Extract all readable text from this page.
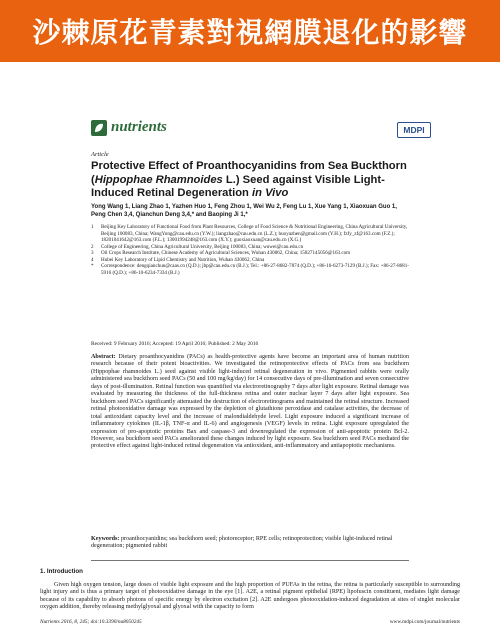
沙棘原花青素對視網膜退化的影響
nutrients	MDPI
Article
Protective Effect of Proanthocyanidins from Sea Buckthorn (Hippophae Rhamnoides L.) Seed against Visible Light-Induced Retinal Degeneration in Vivo
Yong Wang 1, Liang Zhao 1, Yazhen Huo 1, Feng Zhou 1, Wei Wu 2, Feng Lu 1, Xue Yang 1, Xiaoxuan Guo 1, Peng Chen 3,4, Qianchun Deng 3,4,* and Baoping Ji 1,*
1	Beijing Key Laboratory of Functional Food from Plant Resources, College of Food Science & Nutritional Engineering, China Agricultural University, Beijing 100083, China; WangYong@cau.edu.cn (Y.W.); liangzhao@cau.edu.cn (L.Z.); huoyazhen@gmail.com (Y.H.); fzfy_zf@163.com (F.Z.); 18201041642@163.com (F.L.); 13001994248@163.com (X.Y.); guoxiaoxuan@cau.edu.cn (X.G.)
2	College of Engineering, China Agricultural University, Beijing 100083, China; wuwei@cau.edu.cn
3	Oil Crops Research Institute, Chinese Academy of Agricultural Sciences, Wuhan 430062, China; 15827145056@163.com
4	Hubei Key Laboratory of Lipid Chemistry and Nutrition, Wuhan 430062, China
*	Correspondence: dengqianchun@caas.cn (Q.D.); jbp@cau.edu.cn (B.J.); Tel.: +86-27-8682-7874 (Q.D.); +86-10-6273-7129 (B.J.); Fax: +86-27-8681-5916 (Q.D.); +86-10-6234-7334 (B.J.)
Received: 9 February 2016; Accepted: 19 April 2016; Published: 2 May 2016
Abstract: Dietary proanthocyanidins (PACs) as health-protective agents have become an important area of human nutrition research because of their potent bioactivities. We investigated the retinoprotective effects of PACs from sea buckthorn (Hippophae rhamnoides L.) seed against visible light-induced retinal degeneration in vivo. Pigmented rabbits were orally administered sea buckthorn seed PACs (50 and 100 mg/kg/day) for 14 consecutive days of pre-illumination and seven consecutive days of post-illumination. Retinal function was quantified via electroretinography 7 days after light exposure. Retinal damage was evaluated by measuring the thickness of the full-thickness retina and outer nuclear layer 7 days after light exposure. Sea buckthorn seed PACs significantly attenuated the destruction of electroretinograms and maintained the retinal structure. Increased retinal photooxidative damage was expressed by the depletion of glutathione peroxidase and catalase activities, the decrease of total antioxidant capacity level and the increase of malondialdehyde level. Light exposure induced a significant increase of inflammatory cytokines (IL-1β, TNF-α and IL-6) and angiogenesis (VEGF) levels in retina. Light exposure upregulated the expression of pro-apoptotic proteins Bax and caspase-3 and downregulated the expression of anti-apoptotic protein Bcl-2. However, sea buckthorn seed PACs ameliorated these changes induced by light exposure. Sea buckthorn seed PACs mediated the protective effect against light-induced retinal degeneration via antioxidant, anti-inflammatory and antiapoptotic mechanisms.
Keywords: proanthocyanidins; sea buckthorn seed; photoreceptor; RPE cells; retinoprotection; visible light-induced retinal degeneration; pigmented rabbit
1. Introduction
Given high oxygen tension, large doses of visible light exposure and the high proportion of PUFAs in the retina, the retina is particularly susceptible to surrounding light injury and is thus a primary target of photooxidative damage in the eye [1]. A2E, a retinal pigment epithelial (RPE) lipofuscin constituent, mediates light damage because of its capability to absorb photons of specific energy by electron excitation [2]. A2E undergoes photooxidation-induced degradation at sites of singlet molecular oxygen addition, thereby releasing methylglyoxal and glyoxal with the capacity to form
Nutrients 2016, 8, 245; doi:10.3390/nu8050245	www.mdpi.com/journal/nutrients
